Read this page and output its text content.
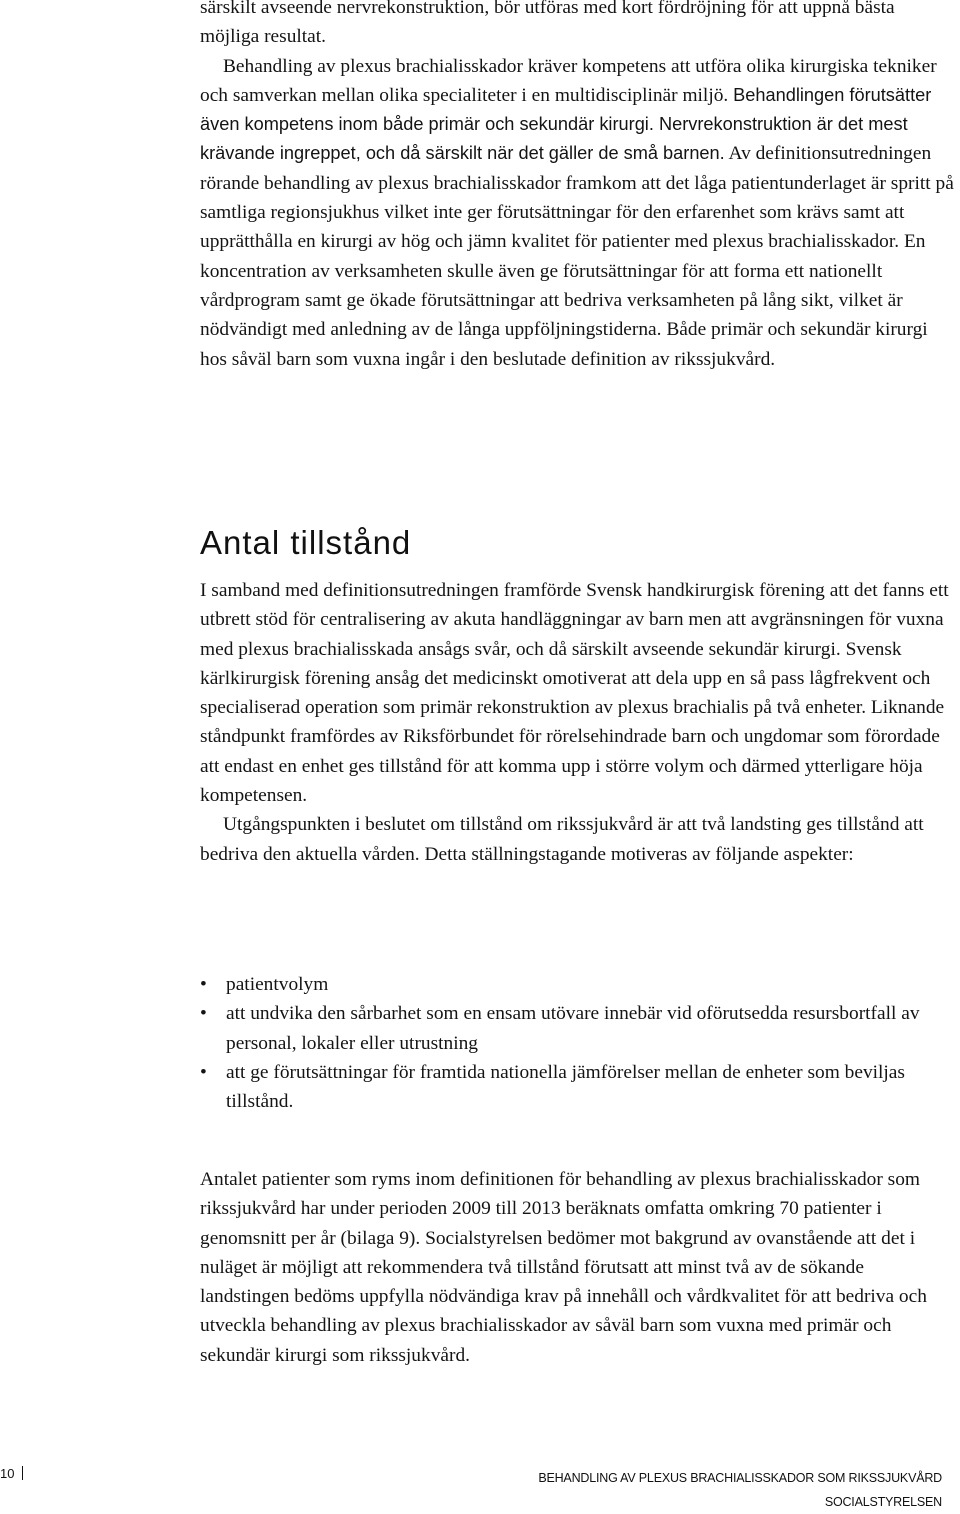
särskilt avseende nervrekonstruktion, bör utföras med kort fördröjning för att uppnå bästa möjliga resultat.

Behandling av plexus brachialisskador kräver kompetens att utföra olika kirurgiska tekniker och samverkan mellan olika specialiteter i en multidisciplinär miljö. Behandlingen förutsätter även kompetens inom både primär och sekundär kirurgi. Nervrekonstruktion är det mest krävande ingreppet, och då särskilt när det gäller de små barnen. Av definitionsutredningen rörande behandling av plexus brachialisskador framkom att det låga patientunderlaget är spritt på samtliga regionsjukhus vilket inte ger förutsättningar för den erfarenhet som krävs samt att upprätthålla en kirurgi av hög och jämn kvalitet för patienter med plexus brachialisskador. En koncentration av verksamheten skulle även ge förutsättningar för att forma ett nationellt vårdprogram samt ge ökade förutsättningar att bedriva verksamheten på lång sikt, vilket är nödvändigt med anledning av de långa uppföljningstiderna. Både primär och sekundär kirurgi hos såväl barn som vuxna ingår i den beslutade definition av rikssjukvård.

Antal tillstånd

I samband med definitionsutredningen framförde Svensk handkirurgisk förening att det fanns ett utbrett stöd för centralisering av akuta handläggningar av barn men att avgränsningen för vuxna med plexus brachialisskada ansågs svår, och då särskilt avseende sekundär kirurgi. Svensk kärlkirurgisk förening ansåg det medicinskt omotiverat att dela upp en så pass lågfrekvent och specialiserad operation som primär rekonstruktion av plexus brachialis på två enheter. Liknande ståndpunkt framfördes av Riksförbundet för rörelsehindrade barn och ungdomar som förordade att endast en enhet ges tillstånd för att komma upp i större volym och därmed ytterligare höja kompetensen.

Utgångspunkten i beslutet om tillstånd om rikssjukvård är att två landsting ges tillstånd att bedriva den aktuella vården. Detta ställningstagande motiveras av följande aspekter:

• patientvolym
• att undvika den sårbarhet som en ensam utövare innebär vid oförutsedda resursbortfall av personal, lokaler eller utrustning
• att ge förutsättningar för framtida nationella jämförelser mellan de enheter som beviljas tillstånd.

Antalet patienter som ryms inom definitionen för behandling av plexus brachialisskador som rikssjukvård har under perioden 2009 till 2013 beräknats omfatta omkring 70 patienter i genomsnitt per år (bilaga 9). Socialstyrelsen bedömer mot bakgrund av ovanstående att det i nuläget är möjligt att rekommendera två tillstånd förutsatt att minst två av de sökande landstingen bedöms uppfylla nödvändiga krav på innehåll och vårdkvalitet för att bedriva och utveckla behandling av plexus brachialisskador av såväl barn som vuxna med primär och sekundär kirurgi som rikssjukvård.

10	BEHANDLING AV PLEXUS BRACHIALISSKADOR SOM RIKSSJUKVÅRD
SOCIALSTYRELSEN
